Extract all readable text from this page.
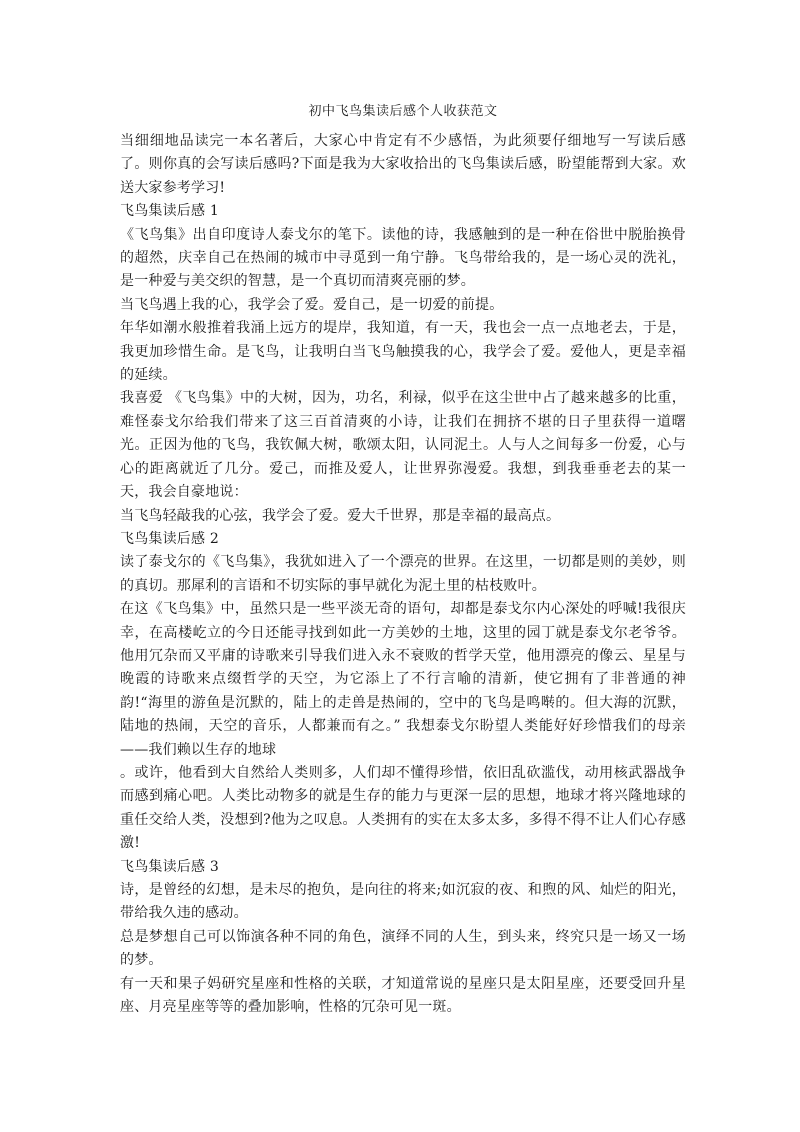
初中飞鸟集读后感个人收获范文

当细细地品读完一本名著后，大家心中肯定有不少感悟，为此须要仔细地写一写读后感了。则你真的会写读后感吗?下面是我为大家收拾出的飞鸟集读后感，盼望能帮到大家。欢送大家参考学习!

飞鸟集读后感 1

《飞鸟集》出自印度诗人泰戈尔的笔下。读他的诗，我感触到的是一种在俗世中脱胎换骨的超然，庆幸自己在热闹的城市中寻觅到一角宁静。飞鸟带给我的，是一场心灵的洗礼，是一种爱与美交织的智慧，是一个真切而清爽亮丽的梦。

当飞鸟遇上我的心，我学会了爱。爱自己，是一切爱的前提。

年华如潮水般推着我涌上远方的堤岸，我知道，有一天，我也会一点一点地老去，于是，我更加珍惜生命。是飞鸟，让我明白当飞鸟触摸我的心，我学会了爱。爱他人，更是幸福的延续。

我喜爱 《飞鸟集》中的大树，因为，功名，利禄，似乎在这尘世中占了越来越多的比重，难怪泰戈尔给我们带来了这三百首清爽的小诗，让我们在拥挤不堪的日子里获得一道曙光。正因为他的飞鸟，我钦佩大树，歌颂太阳，认同泥土。人与人之间每多一份爱，心与心的距离就近了几分。爱己，而推及爱人，让世界弥漫爱。我想，到我垂垂老去的某一天，我会自豪地说：

当飞鸟轻敲我的心弦，我学会了爱。爱大千世界，那是幸福的最高点。

飞鸟集读后感 2

读了泰戈尔的《飞鸟集》，我犹如进入了一个漂亮的世界。在这里，一切都是则的美妙，则的真切。那犀利的言语和不切实际的事早就化为泥土里的枯枝败叶。

在这《飞鸟集》中，虽然只是一些平淡无奇的语句，却都是泰戈尔内心深处的呼喊!我很庆幸，在高楼屹立的今日还能寻找到如此一方美妙的土地，这里的园丁就是泰戈尔老爷爷。他用冗杂而又平庸的诗歌来引导我们进入永不衰败的哲学天堂，他用漂亮的像云、星星与晚霞的诗歌来点缀哲学的天空，为它添上了不行言喻的清新，使它拥有了非普通的神韵!“海里的游鱼是沉默的，陆上的走兽是热闹的，空中的飞鸟是鸣啭的。但大海的沉默，陆地的热闹，天空的音乐，人都兼而有之。” 我想泰戈尔盼望人类能好好珍惜我们的母亲——我们赖以生存的地球

。或许，他看到大自然给人类则多，人们却不懂得珍惜，依旧乱砍滥伐，动用核武器战争而感到痛心吧。人类比动物多的就是生存的能力与更深一层的思想，地球才将兴隆地球的重任交给人类，没想到?他为之叹息。人类拥有的实在太多太多，多得不得不让人们心存感激!

飞鸟集读后感 3

诗，是曾经的幻想，是未尽的抱负，是向往的将来;如沉寂的夜、和煦的风、灿烂的阳光，带给我久违的感动。

总是梦想自己可以饰演各种不同的角色，演绎不同的人生，到头来，终究只是一场又一场的梦。

有一天和果子妈研究星座和性格的关联，才知道常说的星座只是太阳星座，还要受回升星座、月亮星座等等的叠加影响，性格的冗杂可见一斑。
